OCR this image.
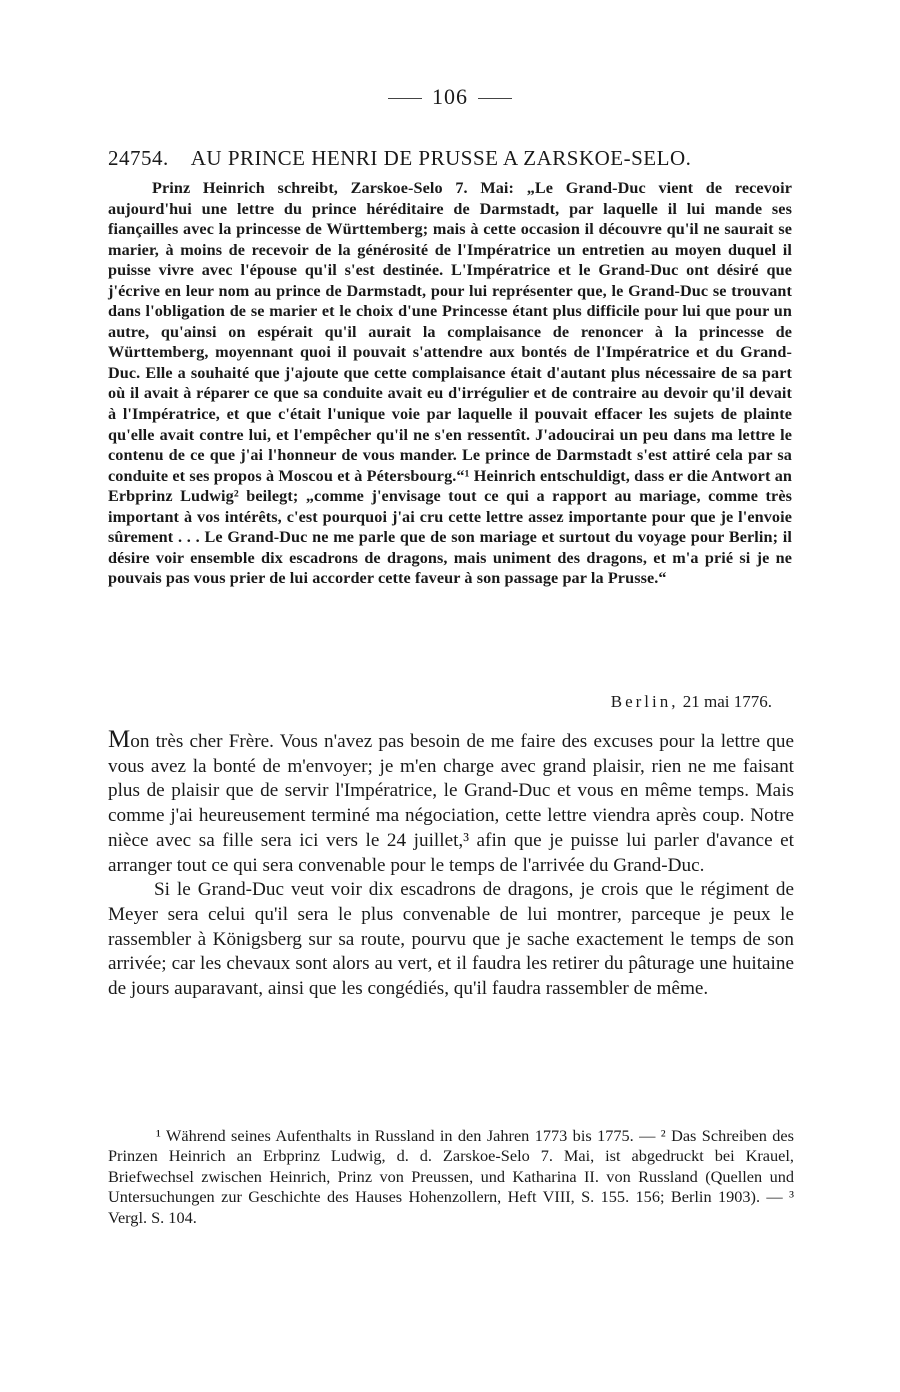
106
24754. AU PRINCE HENRI DE PRUSSE A ZARSKOE-SELO.
Prinz Heinrich schreibt, Zarskoe-Selo 7. Mai: „Le Grand-Duc vient de recevoir aujourd'hui une lettre du prince héréditaire de Darmstadt, par laquelle il lui mande ses fiançailles avec la princesse de Württemberg; mais à cette occasion il découvre qu'il ne saurait se marier, à moins de recevoir de la générosité de l'Impératrice un entretien au moyen duquel il puisse vivre avec l'épouse qu'il s'est destinée. L'Impératrice et le Grand-Duc ont désiré que j'écrive en leur nom au prince de Darmstadt, pour lui représenter que, le Grand-Duc se trouvant dans l'obligation de se marier et le choix d'une Princesse étant plus difficile pour lui que pour un autre, qu'ainsi on espérait qu'il aurait la complaisance de renoncer à la princesse de Württemberg, moyennant quoi il pouvait s'attendre aux bontés de l'Impératrice et du Grand-Duc. Elle a souhaité que j'ajoute que cette complaisance était d'autant plus nécessaire de sa part où il avait à réparer ce que sa conduite avait eu d'irrégulier et de contraire au devoir qu'il devait à l'Impératrice, et que c'était l'unique voie par laquelle il pouvait effacer les sujets de plainte qu'elle avait contre lui, et l'empêcher qu'il ne s'en ressentît. J'adoucirai un peu dans ma lettre le contenu de ce que j'ai l'honneur de vous mander. Le prince de Darmstadt s'est attiré cela par sa conduite et ses propos à Moscou et à Pétersbourg.“¹ Heinrich entschuldigt, dass er die Antwort an Erbprinz Ludwig² beilegt; „comme j'envisage tout ce qui a rapport au mariage, comme très important à vos intérêts, c'est pourquoi j'ai cru cette lettre assez importante pour que je l'envoie sûrement . . . Le Grand-Duc ne me parle que de son mariage et surtout du voyage pour Berlin; il désire voir ensemble dix escadrons de dragons, mais uniment des dragons, et m'a prié si je ne pouvais pas vous prier de lui accorder cette faveur à son passage par la Prusse.“
Berlin, 21 mai 1776.

Mon très cher Frère. Vous n'avez pas besoin de me faire des excuses pour la lettre que vous avez la bonté de m'envoyer; je m'en charge avec grand plaisir, rien ne me faisant plus de plaisir que de servir l'Impératrice, le Grand-Duc et vous en même temps. Mais comme j'ai heureusement terminé ma négociation, cette lettre viendra après coup. Notre nièce avec sa fille sera ici vers le 24 juillet,³ afin que je puisse lui parler d'avance et arranger tout ce qui sera convenable pour le temps de l'arrivée du Grand-Duc.

Si le Grand-Duc veut voir dix escadrons de dragons, je crois que le régiment de Meyer sera celui qu'il sera le plus convenable de lui montrer, parceque je peux le rassembler à Königsberg sur sa route, pourvu que je sache exactement le temps de son arrivée; car les chevaux sont alors au vert, et il faudra les retirer du pâturage une huitaine de jours auparavant, ainsi que les congédiés, qu'il faudra rassembler de même.

¹ Während seines Aufenthalts in Russland in den Jahren 1773 bis 1775. — ² Das Schreiben des Prinzen Heinrich an Erbprinz Ludwig, d. d. Zarskoe-Selo 7. Mai, ist abgedruckt bei Krauel, Briefwechsel zwischen Heinrich, Prinz von Preussen, und Katharina II. von Russland (Quellen und Untersuchungen zur Geschichte des Hauses Hohenzollern, Heft VIII, S. 155. 156; Berlin 1903). — ³ Vergl. S. 104.
